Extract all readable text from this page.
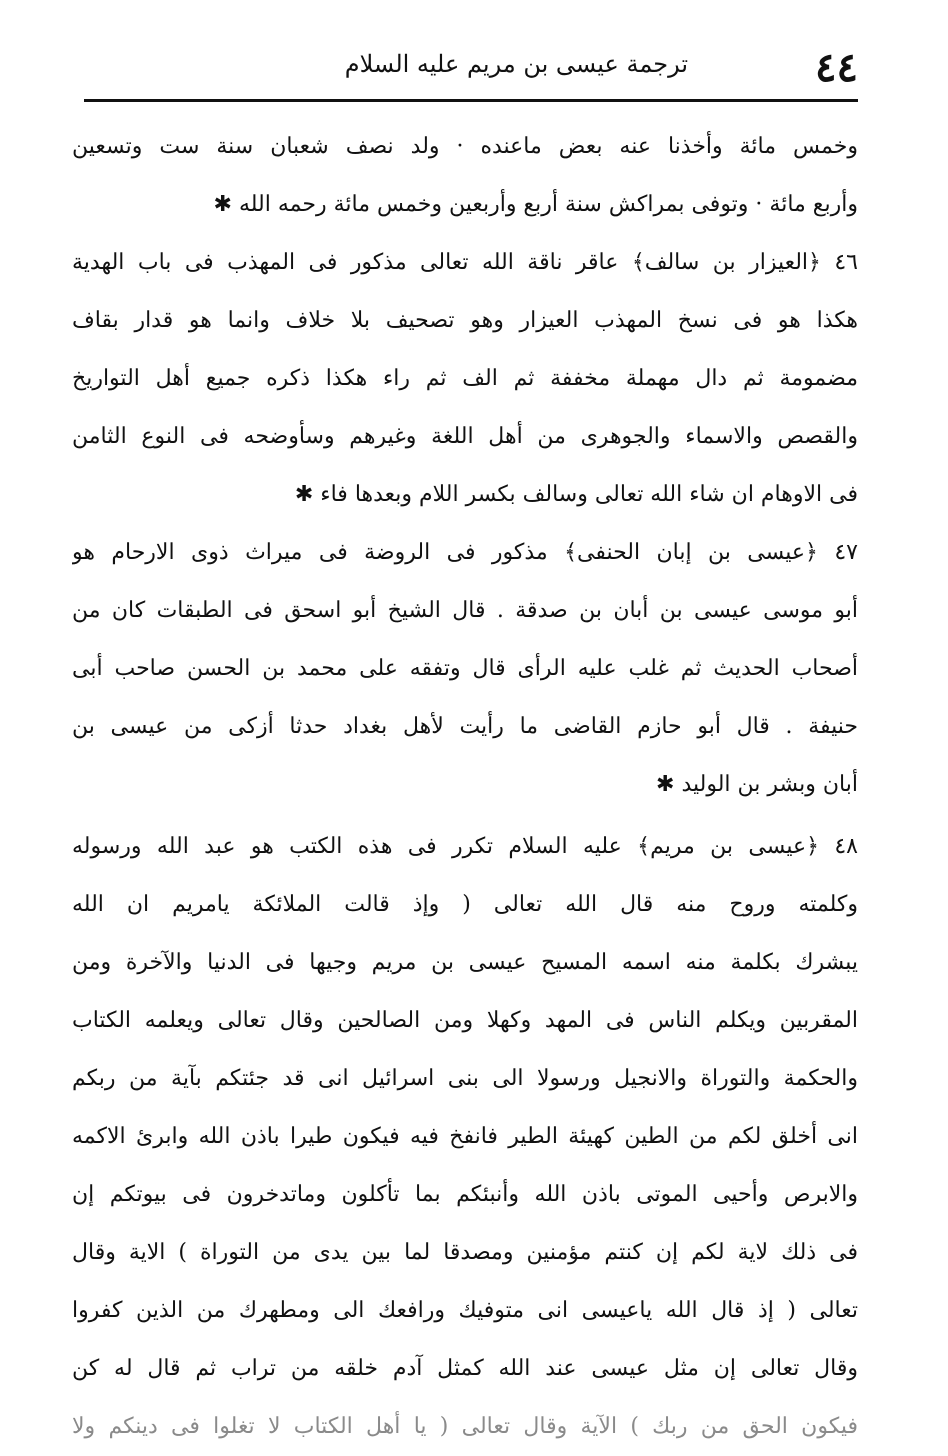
٤٤
ترجمة عيسى بن مريم عليه السلام
وخمس مائة وأخذنا عنه بعض ماعنده · ولد نصف شعبان سنة ست وتسعين
وأربع مائة · وتوفى بمراكش سنة أربع وأربعين وخمس مائة رحمه الله ✱
٤٦ ﴿العيزار بن سالف﴾ عاقر ناقة الله تعالى مذكور فى المهذب فى باب الهدية
هكذا هو فى نسخ المهذب العيزار وهو تصحيف بلا خلاف وانما هو قدار بقاف
مضمومة ثم دال مهملة مخففة ثم الف ثم راء هكذا ذكره جميع أهل التواريخ
والقصص والاسماء والجوهرى من أهل اللغة وغيرهم وسأوضحه فى النوع الثامن
فى الاوهام ان شاء الله تعالى وسالف بكسر اللام وبعدها فاء ✱
٤٧ ﴿عيسى بن إبان الحنفى﴾ مذكور فى الروضة فى ميراث ذوى الارحام هو
أبو موسى عيسى بن أبان بن صدقة . قال الشيخ أبو اسحق فى الطبقات كان من
أصحاب الحديث ثم غلب عليه الرأى قال وتفقه على محمد بن الحسن صاحب أبى
حنيفة . قال أبو حازم القاضى ما رأيت لأهل بغداد حدثا أزكى من عيسى بن
أبان وبشر بن الوليد ✱
٤٨ ﴿عيسى بن مريم﴾ عليه السلام تكرر فى هذه الكتب هو عبد الله ورسوله
وكلمته وروح منه قال الله تعالى ( وإذ قالت الملائكة يامريم ان الله
يبشرك بكلمة منه اسمه المسيح عيسى بن مريم وجيها فى الدنيا والآخرة ومن
المقربين ويكلم الناس فى المهد وكهلا ومن الصالحين وقال تعالى ويعلمه الكتاب
والحكمة والتوراة والانجيل ورسولا الى بنى اسرائيل انى قد جئتكم بآية من ربكم
انى أخلق لكم من الطين كهيئة الطير فانفخ فيه فيكون طيرا باذن الله وابرئ الاكمه
والابرص وأحيى الموتى باذن الله وأنبئكم بما تأكلون وماتدخرون فى بيوتكم إن
فى ذلك لاية لكم إن كنتم مؤمنين ومصدقا لما بين يدى من التوراة ) الاية وقال
تعالى ( إذ قال الله ياعيسى انى متوفيك ورافعك الى ومطهرك من الذين كفروا
وقال تعالى إن مثل عيسى عند الله كمثل آدم خلقه من تراب ثم قال له كن
فيكون الحق من ربك ) الآية وقال تعالى ( يا أهل الكتاب لا تغلوا فى دينكم ولا
